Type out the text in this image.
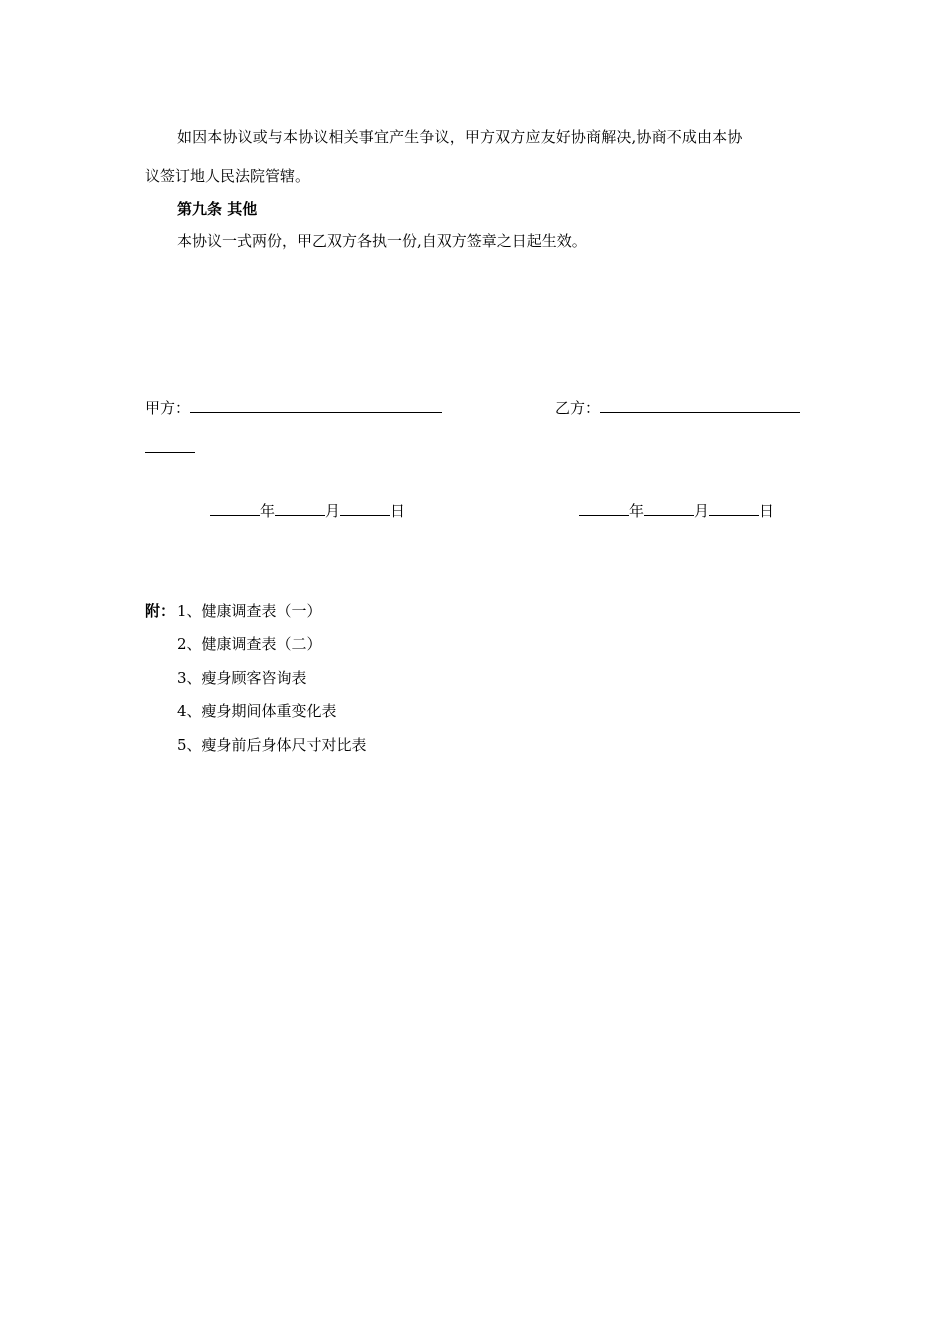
如因本协议或与本协议相关事宜产生争议，甲方双方应友好协商解决,协商不成由本协
议签订地人民法院管辖。
第九条 其他
本协议一式两份，甲乙双方各执一份,自双方签章之日起生效。
甲方：	乙方：
年	月	日	年	月	日
附： 1、健康调查表（一）
2、健康调查表（二）
3、瘦身顾客咨询表
4、瘦身期间体重变化表
5、瘦身前后身体尺寸对比表
